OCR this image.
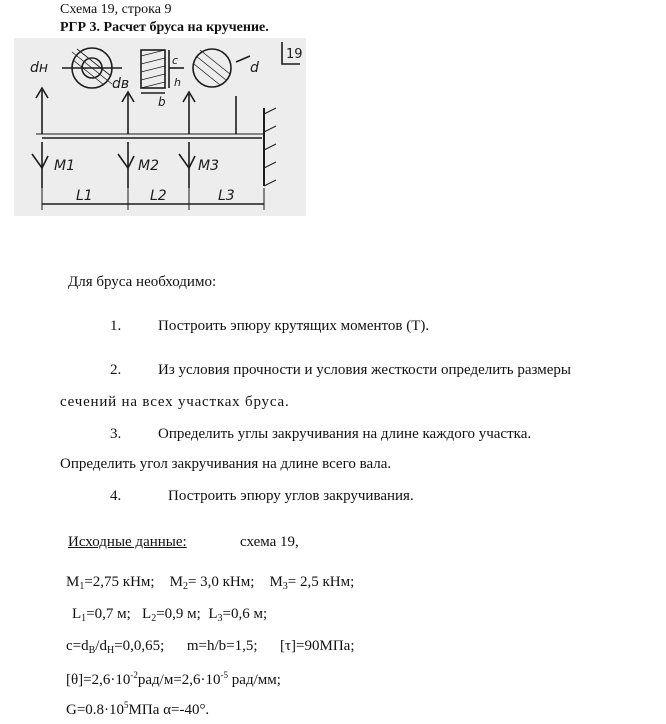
Схема 19, строка 9
РГР 3. Расчет бруса на кручение.
19
dн
dв
d
c
h
b
M1	M2	M3
L1	L2	L3
Для бруса необходимо:
1. Построить эпюру крутящих моментов (Т).
2. Из условия прочности и условия жесткости определить размеры
сечений на всех участках бруса.
3. Определить углы закручивания на длине каждого участка.
Определить угол закручивания на длине всего вала.
4.	Построить эпюру углов закручивания.
Исходные данные:	схема 19,
$M_1=2,75$ кНм; $M_2= 3,0$ кНм; $M_3= 2,5$ кНм;
$L_1=0,7$ м; $L_2=0,9$ м; $L_3=0,6$ м;
$c=d_В/d_Н=0,0,65$; m=h/b=1,5; [τ]=90МПа;
$[\theta]=2,6\cdot 10^{-2}рад/м=2,6\cdot 10^{-5}$ рад/мм;
$G=0.8\cdot 10^5МПа$ α=-40°.
